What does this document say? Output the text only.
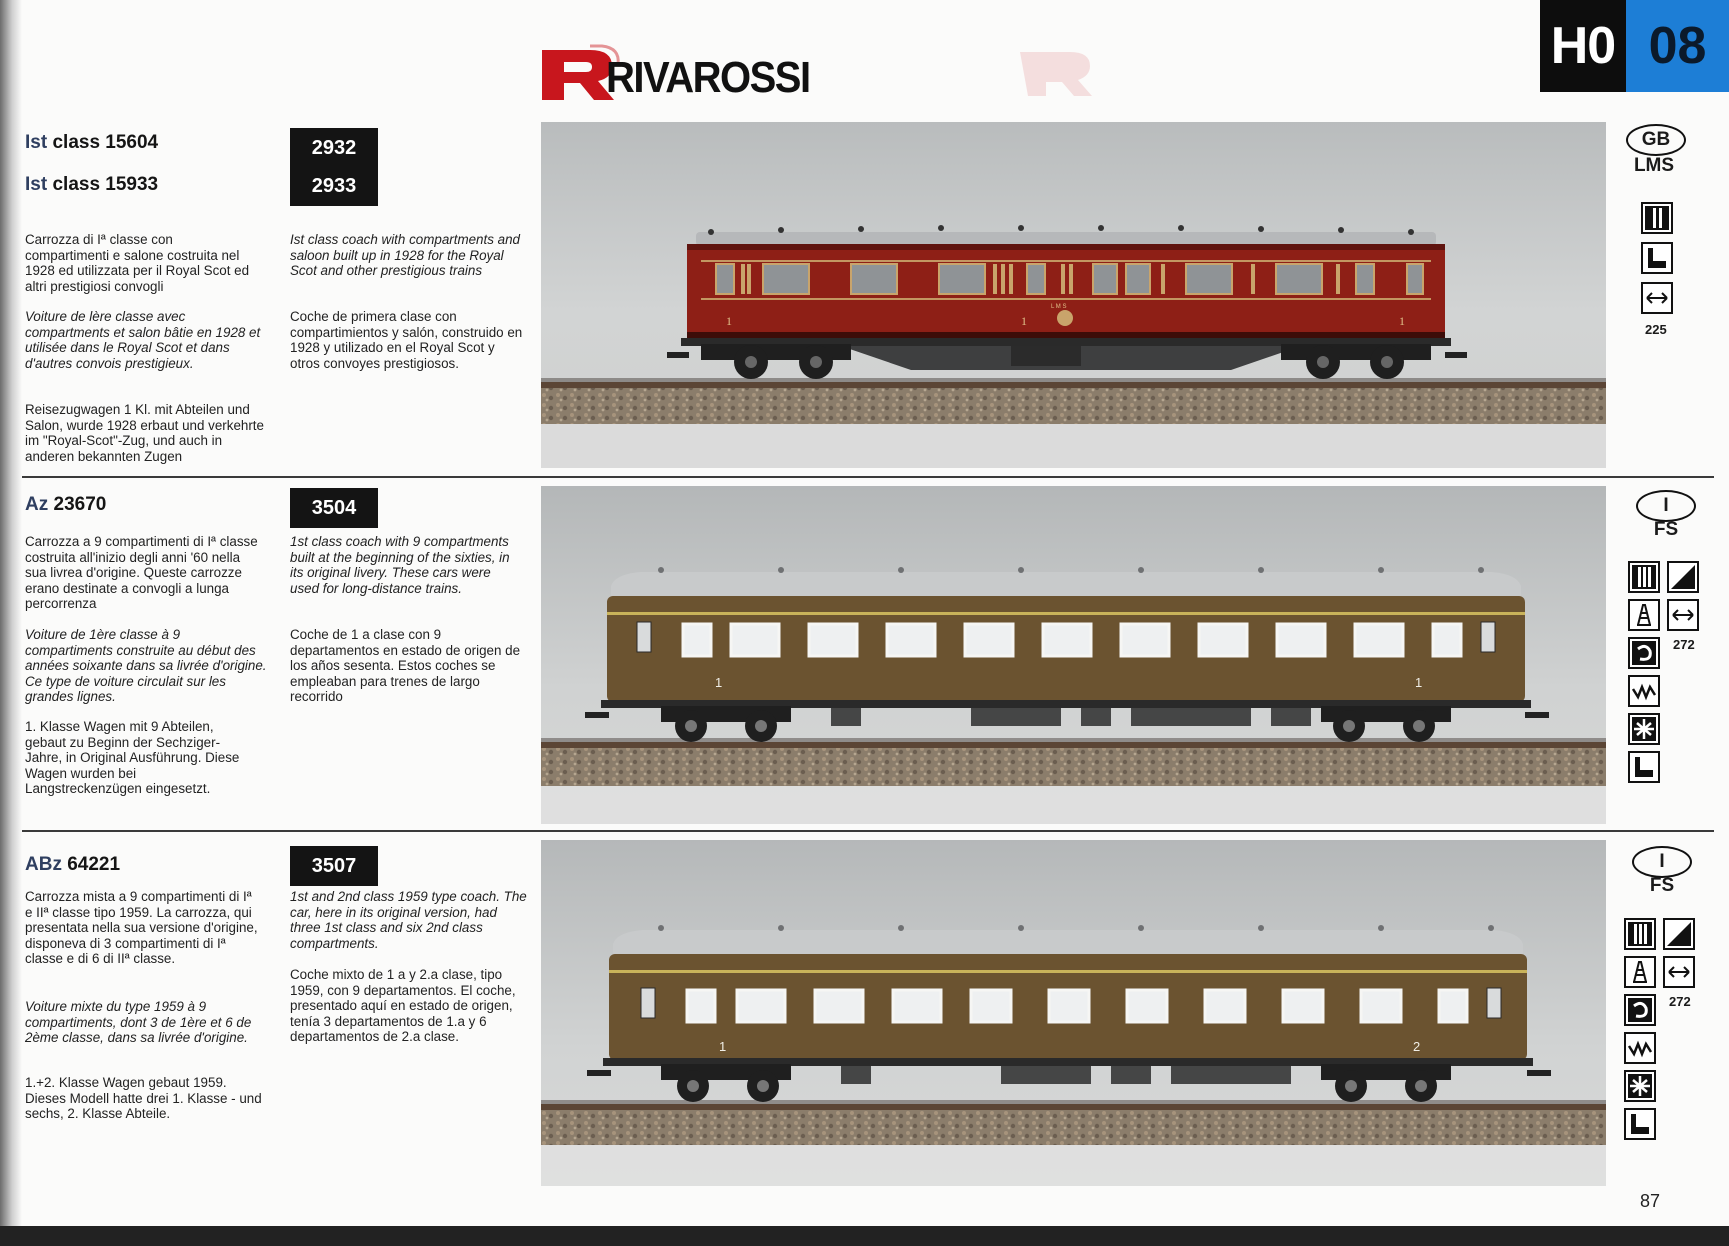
RIVAROSSI
H0 08
Ist class 15604	2932
Ist class 15933	2933

Carrozza di Iª classe con compartimenti e salone costruita nel 1928 ed utilizzata per il Royal Scot ed altri prestigiosi convogli

Voiture de lère classe avec compartments et salon bâtie en 1928 et utilisée dans le Royal Scot et dans d'autres convois prestigieux.

Reisezugwagen 1 Kl. mit Abteilen und Salon, wurde 1928 erbaut und verkehrte im "Royal-Scot"-Zug, und auch in anderen bekannten Zugen

Ist class coach with compartments and saloon built up in 1928 for the Royal Scot and other prestigious trains

Coche de primera clase con compartimientos y salón, construido en 1928 y utilizado en el Royal Scot y otros convoyes prestigiosos.

1	1	1
L M S
GB
LMS
225
Az 23670	3504

Carrozza a 9 compartimenti di Iª classe costruita all'inizio degli anni '60 nella sua livrea d'origine. Queste carrozze erano destinate a convogli a lunga percorrenza

Voiture de 1ère classe à 9 compartiments construite au début des années soixante dans sa livrée d'origine. Ce type de voiture circulait sur les grandes lignes.

1. Klasse Wagen mit 9 Abteilen, gebaut zu Beginn der Sechziger-Jahre, in Original Ausführung. Diese Wagen wurden bei Langstreckenzügen eingesetzt.

1st class coach with 9 compartments built at the beginning of the sixties, in its original livery. These cars were used for long-distance trains.

Coche de 1 a clase con 9 departamentos en estado de origen de los años sesenta. Estos coches se empleaban para trenes de largo recorrido

1	1
I
FS
272
ABz 64221	3507

Carrozza mista a 9 compartimenti di Iª e IIª classe tipo 1959. La carrozza, qui presentata nella sua versione d'origine, disponeva di 3 compartimenti di Iª classe e di 6 di IIª classe.

Voiture mixte du type 1959 à 9 compartiments, dont 3 de 1ère et 6 de 2ème classe, dans sa livrée d'origine.

1.+2. Klasse Wagen gebaut 1959. Dieses Modell hatte drei 1. Klasse - und sechs, 2. Klasse Abteile.

1st and 2nd class 1959 type coach. The car, here in its original version, had three 1st class and six 2nd class compartments.

Coche mixto de 1 a y 2.a clase, tipo 1959, con 9 departamentos. El coche, presentado aquí en estado de origen, tenía 3 departamentos de 1.a y 6 departamentos de 2.a clase.

1	2
I
FS
272
87
